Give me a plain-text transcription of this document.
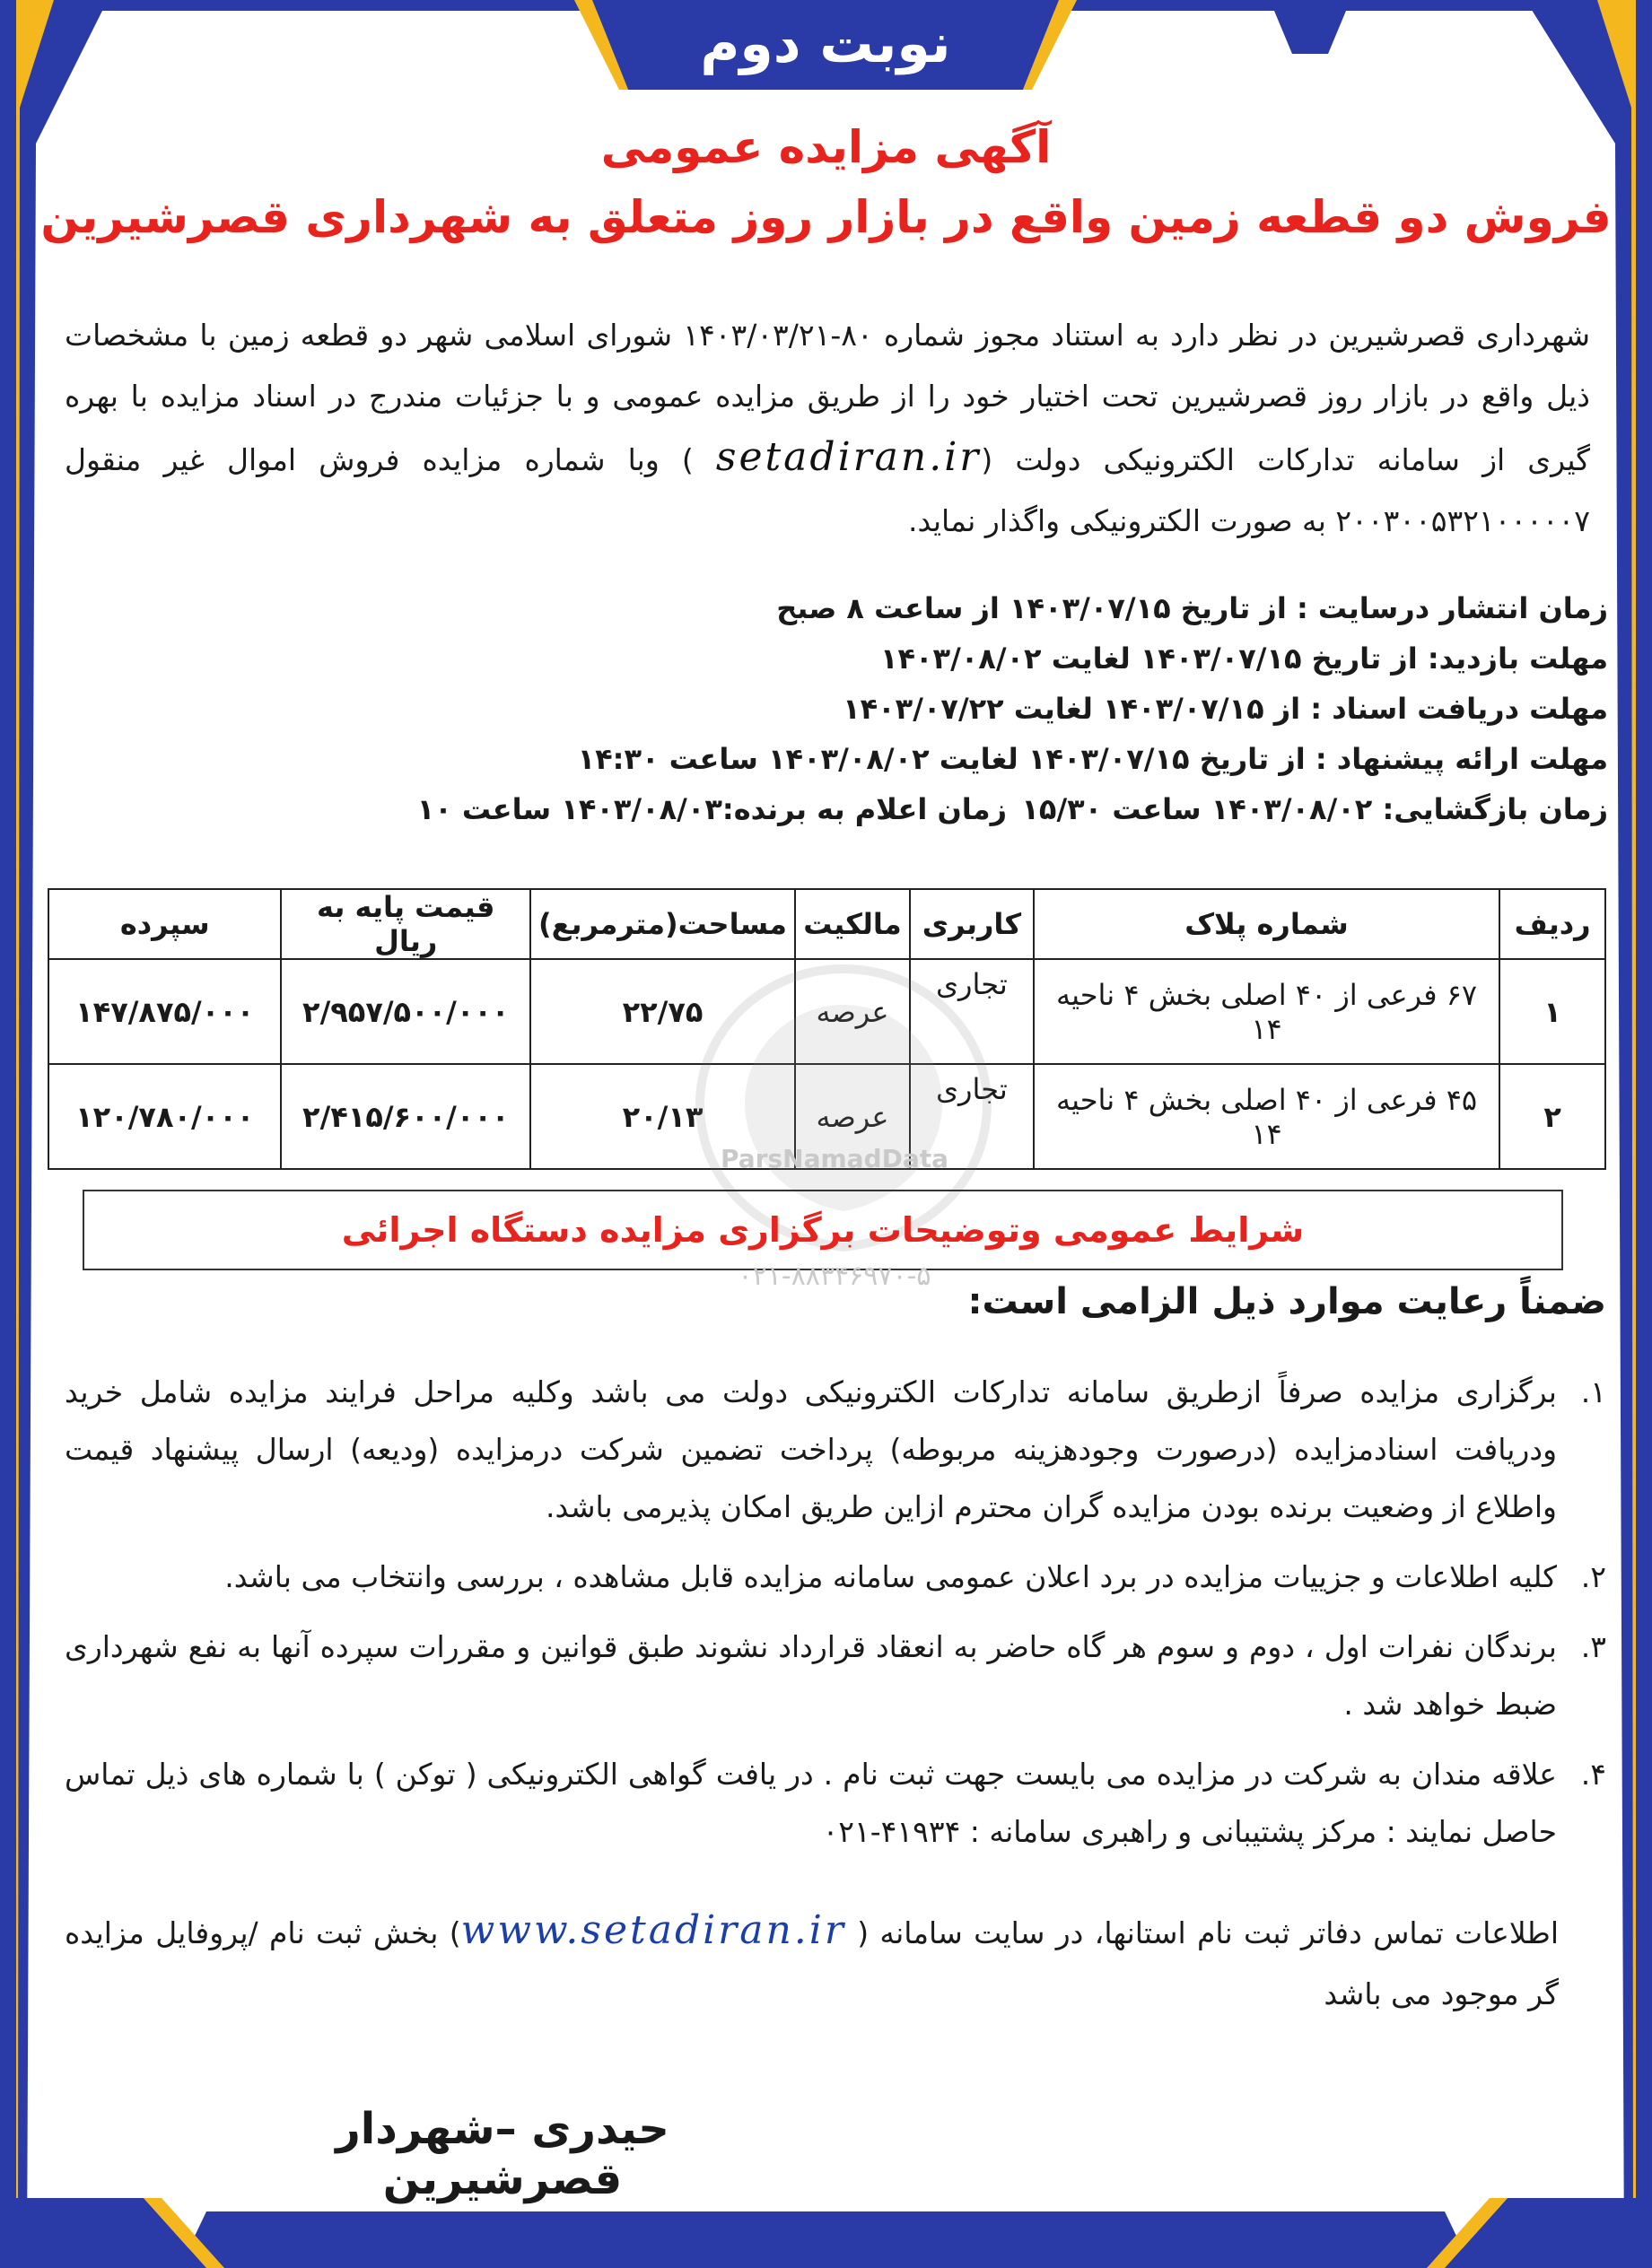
نوبت دوم
آگهی مزایده عمومی
فروش دو قطعه زمین واقع در بازار روز متعلق به شهرداری قصرشیرین
شهرداری قصرشیرین در نظر دارد به استناد مجوز شماره ۸۰-۱۴۰۳/۰۳/۲۱ شورای اسلامی شهر دو قطعه زمین با مشخصات ذیل واقع در بازار روز قصرشیرین تحت اختیار خود را از طریق مزایده عمومی و با جزئیات مندرج در اسناد مزایده با بهره گیری از سامانه تدارکات الکترونیکی دولت (setadiran.ir ) وبا شماره مزایده فروش اموال غیر منقول ۲۰۰۳۰۰۵۳۲۱۰۰۰۰۰۷ به صورت الکترونیکی واگذار نماید.
زمان انتشار درسایت : از تاریخ ۱۴۰۳/۰۷/۱۵ از ساعت ۸ صبح
مهلت بازدید: از تاریخ ۱۴۰۳/۰۷/۱۵ لغایت ۱۴۰۳/۰۸/۰۲
مهلت دریافت اسناد : از ۱۴۰۳/۰۷/۱۵ لغایت ۱۴۰۳/۰۷/۲۲
مهلت ارائه پیشنهاد : از تاریخ ۱۴۰۳/۰۷/۱۵ لغایت ۱۴۰۳/۰۸/۰۲ ساعت ۱۴:۳۰
زمان بازگشایی: ۱۴۰۳/۰۸/۰۲ ساعت ۱۵/۳۰
زمان اعلام به برنده:۱۴۰۳/۰۸/۰۳ ساعت ۱۰
ردیف	شماره پلاک	کاربری	مالکیت	مساحت(مترمربع)	قیمت پایه به ریال	سپرده
۱	۶۷ فرعی از ۴۰ اصلی بخش ۴ ناحیه ۱۴	تجاری	عرصه	۲۲/۷۵	۲/۹۵۷/۵۰۰/۰۰۰	۱۴۷/۸۷۵/۰۰۰
۲	۴۵ فرعی از ۴۰ اصلی بخش ۴ ناحیه ۱۴	تجاری	عرصه	۲۰/۱۳	۲/۴۱۵/۶۰۰/۰۰۰	۱۲۰/۷۸۰/۰۰۰
ParsNamadData
شرایط عمومی وتوضیحات برگزاری مزایده دستگاه اجرائی
۰۲۱-۸۸۳۴۶۹۷۰-۵
ضمناً رعایت موارد ذیل الزامی است:
۱.
برگزاری مزایده صرفاً ازطریق سامانه تدارکات الکترونیکی دولت می باشد وکلیه مراحل فرایند مزایده شامل خرید ودریافت اسنادمزایده (درصورت وجودهزینه مربوطه) پرداخت تضمین شرکت درمزایده (ودیعه) ارسال پیشنهاد قیمت واطلاع از وضعیت برنده بودن مزایده گران محترم ازاین طریق امکان پذیرمی باشد.
۲.
کلیه اطلاعات و جزییات مزایده در برد اعلان عمومی سامانه مزایده قابل مشاهده ، بررسی وانتخاب می باشد.
۳.
برندگان نفرات اول ، دوم و سوم هر گاه حاضر به انعقاد قرارداد نشوند طبق قوانین و مقررات سپرده آنها به نفع شهرداری ضبط خواهد شد .
۴.
علاقه مندان به شرکت در مزایده می بایست جهت ثبت نام . در یافت گواهی الکترونیکی ( توکن ) با شماره های ذیل تماس حاصل نمایند : مرکز پشتیبانی و راهبری سامانه : ۴۱۹۳۴-۰۲۱
اطلاعات تماس دفاتر ثبت نام استانها، در سایت سامانه ( www.setadiran.ir) بخش ثبت نام /پروفایل مزایده گر موجود می باشد
حیدری –شهردار قصرشیرین
